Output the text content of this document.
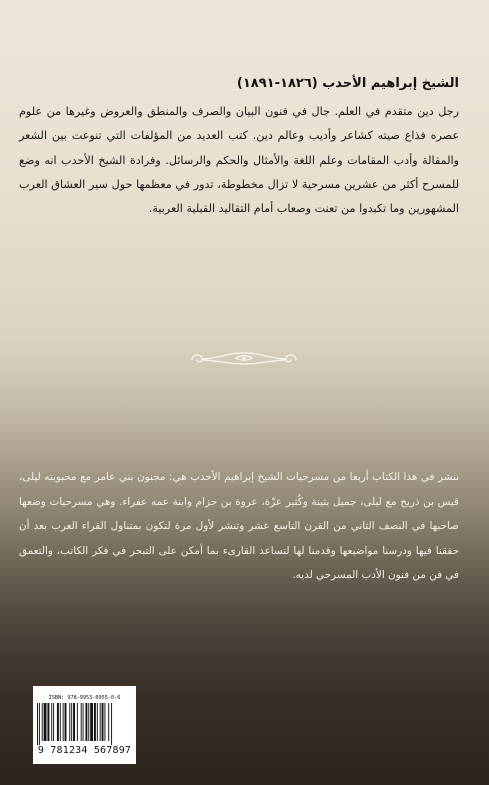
الشيخ إبراهيم الأحدب (١٨٢٦-١٨٩١)
رجل دين متقدم في العلم. جال في فنون البيان والصرف والمنطق والعروض وغيرها من علوم عصره فذاع صيته كشاعر وأديب وعالم دين. كتب العديد من المؤلفات التي تنوعت بين الشعر والمقالة وأدب المقامات وعلم اللغة والأمثال والحكم والرسائل. وفرادة الشيخ الأحدب انه وضع للمسرح أكثر من عشرين مسرحية لا تزال مخطوطة، تدور في معظمها حول سير العشاق العرب المشهورين وما تكبدوا من تعنت وصعاب أمام التقاليد القبلية العربية.
ننشر في هذا الكتاب أربعا من مسرحيات الشيخ إبراهيم الأحدب هي: مجنون بني عامر مع محبوبته ليلى، قيس بن ذريح مع ليلى، جميل بثينة وكُثير عزّة، عروة بن حزام وابنة عمه عفراء. وهي مسرحيات وضعها صاحبها في النصف الثاني من القرن التاسع عشر وتنشر لأول مرة لتكون بمتناول القراء العرب بعد أن حققنا فيها ودرسنا مواضيعها وقدمنا لها لتساعد القارىء بما أمكن على التبحر في فكر الكاتب، والتعمق في فن من فنون الأدب المسرحي لديه.
ISBN: 978-9953-0955-0-6
9 781234 567897
